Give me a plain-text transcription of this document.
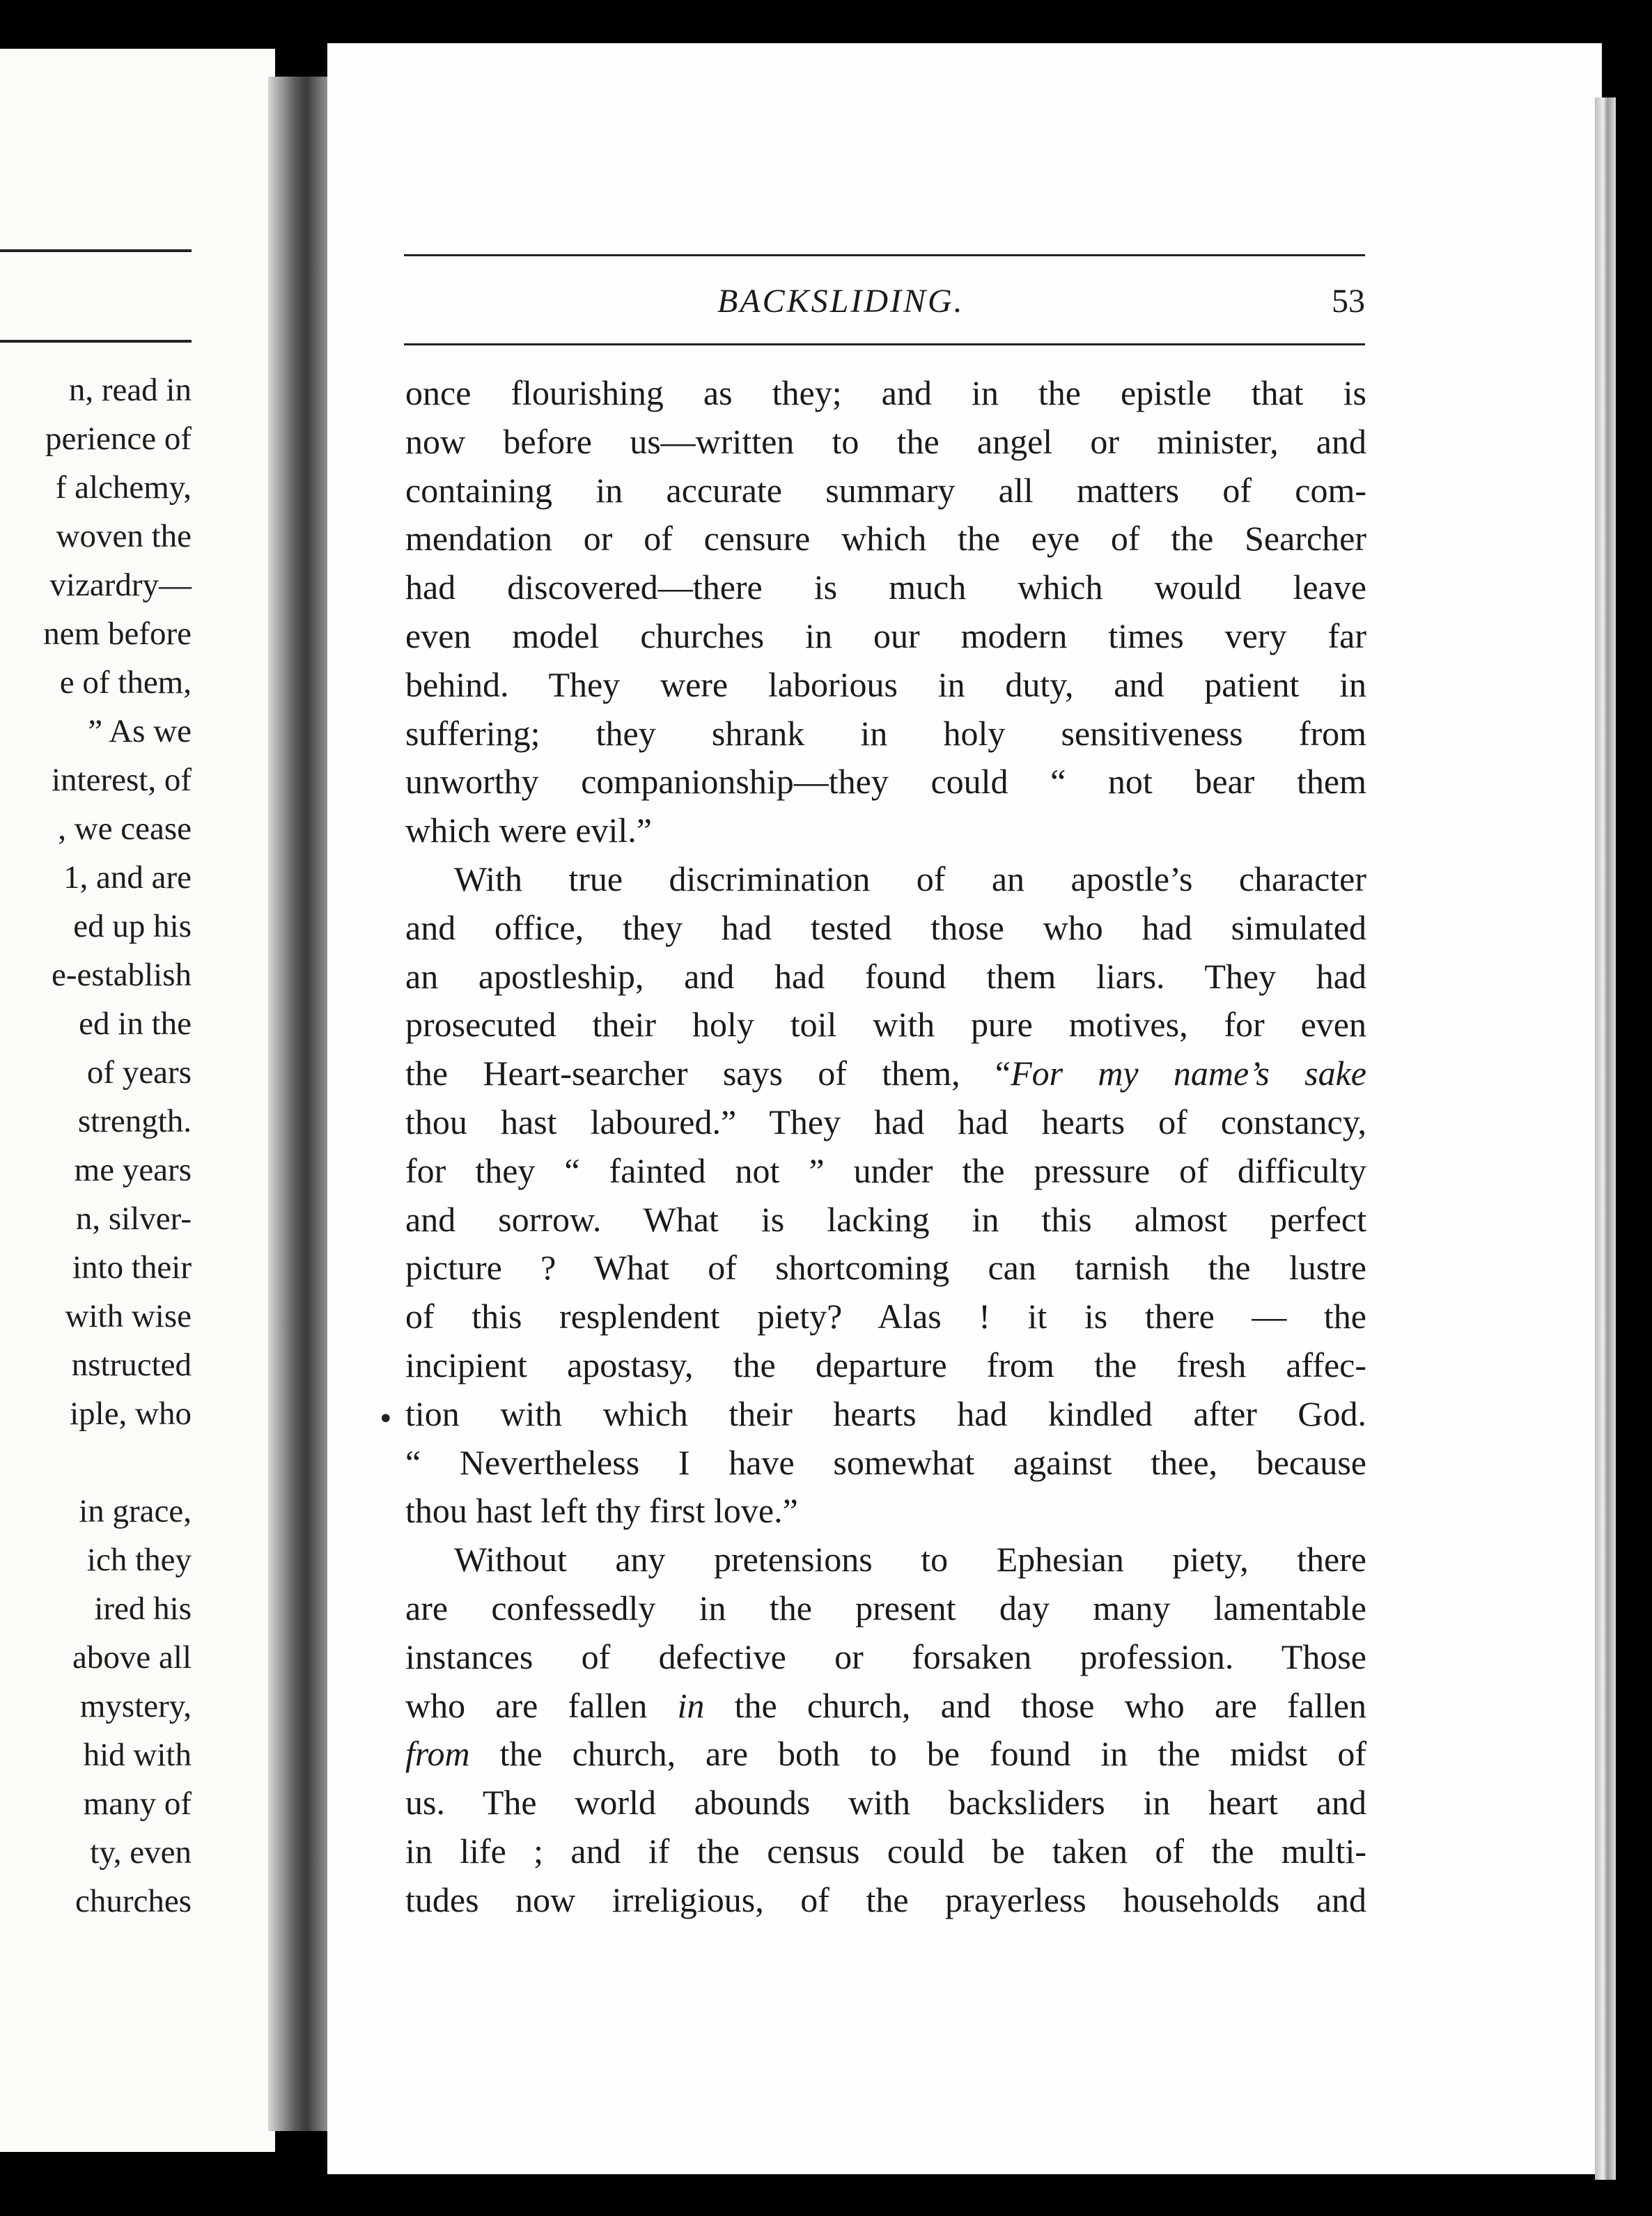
n, read in
perience of
f alchemy,
woven the
vizardry—
nem before
e of them,
” As we
interest, of
, we cease
1, and are
ed up his
e-establish
ed in the
of years
strength.
me years
n, silver-
into their
with wise
nstructed
iple, who
in grace,
ich they
ired his
above all
mystery,
hid with
many of
ty, even
churches
BACKSLIDING.	53
•
once flourishing as they; and in the epistle that is
now before us—written to the angel or minister, and
containing in accurate summary all matters of com-
mendation or of censure which the eye of the Searcher
had discovered—there is much which would leave
even model churches in our modern times very far
behind. They were laborious in duty, and patient in
suffering; they shrank in holy sensitiveness from
unworthy companionship—they could “ not bear them
which were evil.”
With true discrimination of an apostle’s character
and office, they had tested those who had simulated
an apostleship, and had found them liars. They had
prosecuted their holy toil with pure motives, for even
the Heart-searcher says of them, “For my name’s sake
thou hast laboured.” They had had hearts of constancy,
for they “ fainted not ” under the pressure of difficulty
and sorrow. What is lacking in this almost perfect
picture ? What of shortcoming can tarnish the lustre
of this resplendent piety? Alas ! it is there — the
incipient apostasy, the departure from the fresh affec-
tion with which their hearts had kindled after God.
“ Nevertheless I have somewhat against thee, because
thou hast left thy first love.”
Without any pretensions to Ephesian piety, there
are confessedly in the present day many lamentable
instances of defective or forsaken profession. Those
who are fallen in the church, and those who are fallen
from the church, are both to be found in the midst of
us. The world abounds with backsliders in heart and
in life ; and if the census could be taken of the multi-
tudes now irreligious, of the prayerless households and
